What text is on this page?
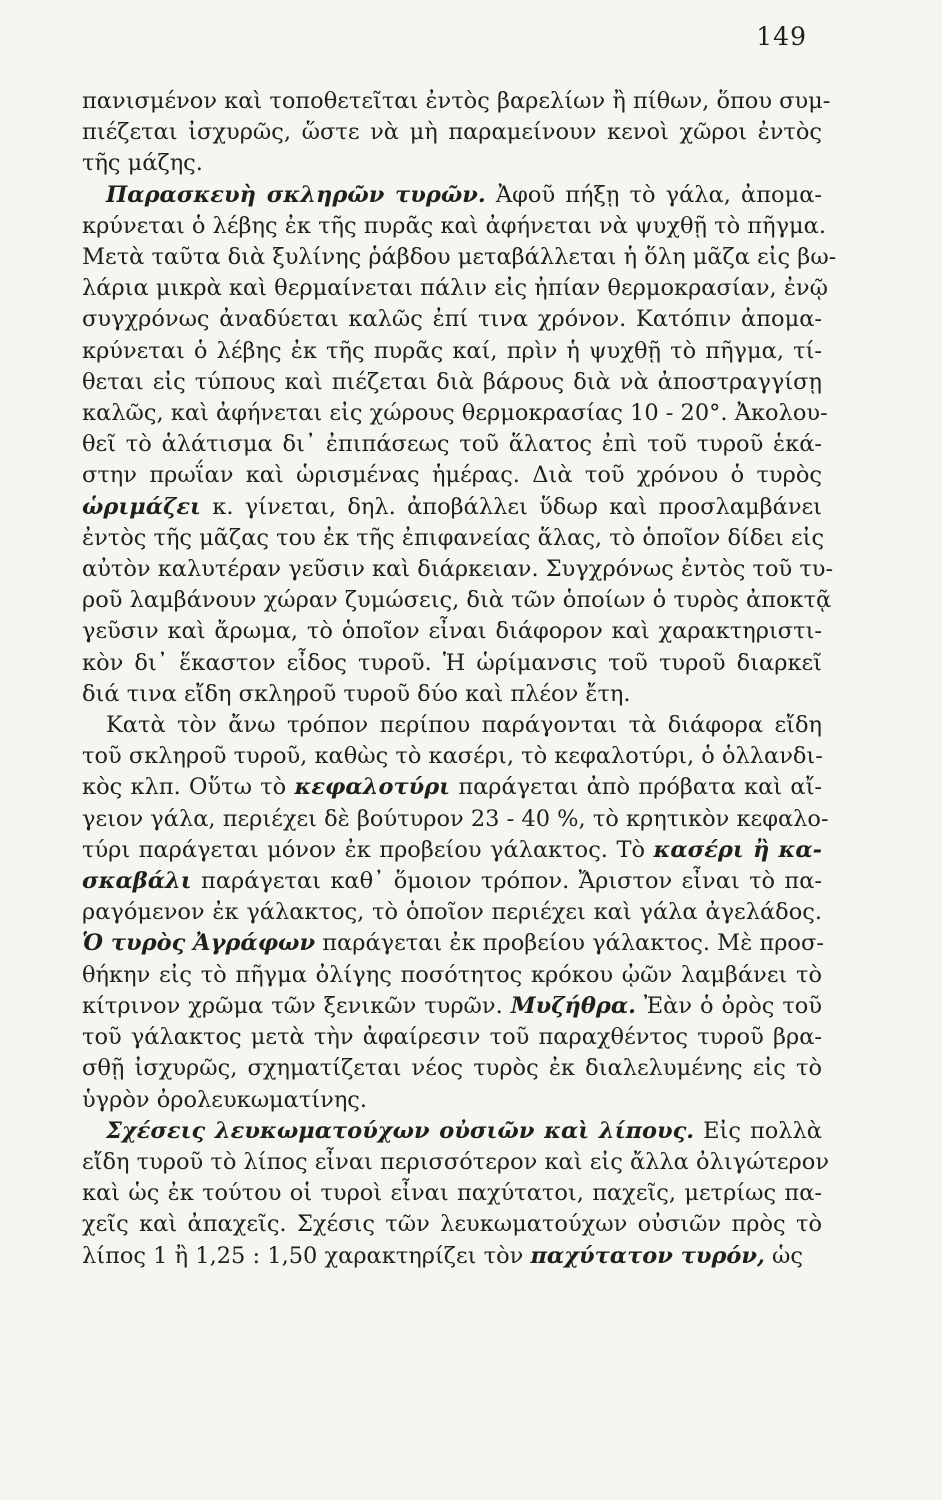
149
πανισμένον καὶ τοποθετεῖται ἐντὸς βαρελίων ἢ πίθων, ὅπου συμ-
πιέζεται ἰσχυρῶς, ὥστε νὰ μὴ παραμείνουν κενοὶ χῶροι ἐντὸς
τῆς μάζης.
Παρασκευὴ σκληρῶν τυρῶν. Ἀφοῦ πήξῃ τὸ γάλα, ἀπομα-
κρύνεται ὁ λέβης ἐκ τῆς πυρᾶς καὶ ἀφήνεται νὰ ψυχθῇ τὸ πῆγμα.
Μετὰ ταῦτα διὰ ξυλίνης ῥάβδου μεταβάλλεται ἡ ὅλη μᾶζα εἰς βω-
λάρια μικρὰ καὶ θερμαίνεται πάλιν εἰς ἠπίαν θερμοκρασίαν, ἐνῷ
συγχρόνως ἀναδύεται καλῶς ἐπί τινα χρόνον. Κατόπιν ἀπομα-
κρύνεται ὁ λέβης ἐκ τῆς πυρᾶς καί, πρὶν ἡ ψυχθῇ τὸ πῆγμα, τί-
θεται εἰς τύπους καὶ πιέζεται διὰ βάρους διὰ νὰ ἀποστραγγίσῃ
καλῶς, καὶ ἀφήνεται εἰς χώρους θερμοκρασίας 10 - 20°. Ἀκολου-
θεῖ τὸ ἁλάτισμα δι᾽ ἐπιπάσεως τοῦ ἅλατος ἐπὶ τοῦ τυροῦ ἑκά-
στην πρωΐαν καὶ ὡρισμένας ἡμέρας. Διὰ τοῦ χρόνου ὁ τυρὸς
ὡριμάζει κ. γίνεται, δηλ. ἀποβάλλει ὕδωρ καὶ προσλαμβάνει
ἐντὸς τῆς μᾶζας του ἐκ τῆς ἐπιφανείας ἅλας, τὸ ὁποῖον δίδει εἰς
αὐτὸν καλυτέραν γεῦσιν καὶ διάρκειαν. Συγχρόνως ἐντὸς τοῦ τυ-
ροῦ λαμβάνουν χώραν ζυμώσεις, διὰ τῶν ὁποίων ὁ τυρὸς ἀποκτᾷ
γεῦσιν καὶ ἄρωμα, τὸ ὁποῖον εἶναι διάφορον καὶ χαρακτηριστι-
κὸν δι᾽ ἕκαστον εἶδος τυροῦ. Ἡ ὡρίμανσις τοῦ τυροῦ διαρκεῖ
διά τινα εἴδη σκληροῦ τυροῦ δύο καὶ πλέον ἔτη.
Κατὰ τὸν ἄνω τρόπον περίπου παράγονται τὰ διάφορα εἴδη
τοῦ σκληροῦ τυροῦ, καθὼς τὸ κασέρι, τὸ κεφαλοτύρι, ὁ ὁλλανδι-
κὸς κλπ. Οὕτω τὸ κεφαλοτύρι παράγεται ἀπὸ πρόβατα καὶ αἴ-
γειον γάλα, περιέχει δὲ βούτυρον 23 - 40 %, τὸ κρητικὸν κεφαλο-
τύρι παράγεται μόνον ἐκ προβείου γάλακτος. Τὸ κασέρι ἢ κα-
σκαβάλι παράγεται καθ᾽ ὅμοιον τρόπον. Ἄριστον εἶναι τὸ πα-
ραγόμενον ἐκ γάλακτος, τὸ ὁποῖον περιέχει καὶ γάλα ἀγελάδος.
Ὁ τυρὸς Ἀγράφων παράγεται ἐκ προβείου γάλακτος. Μὲ προσ-
θήκην εἰς τὸ πῆγμα ὀλίγης ποσότητος κρόκου ᾠῶν λαμβάνει τὸ
κίτρινον χρῶμα τῶν ξενικῶν τυρῶν. Μυζήθρα. Ἐὰν ὁ ὀρὸς τοῦ
τοῦ γάλακτος μετὰ τὴν ἀφαίρεσιν τοῦ παραχθέντος τυροῦ βρα-
σθῇ ἰσχυρῶς, σχηματίζεται νέος τυρὸς ἐκ διαλελυμένης εἰς τὸ
ὑγρὸν ὀρολευκωματίνης.
Σχέσεις λευκωματούχων οὐσιῶν καὶ λίπους. Εἰς πολλὰ
εἴδη τυροῦ τὸ λίπος εἶναι περισσότερον καὶ εἰς ἄλλα ὀλιγώτερον
καὶ ὡς ἐκ τούτου οἱ τυροὶ εἶναι παχύτατοι, παχεῖς, μετρίως πα-
χεῖς καὶ ἀπαχεῖς. Σχέσις τῶν λευκωματούχων οὐσιῶν πρὸς τὸ
λίπος 1 ἢ 1,25 : 1,50 χαρακτηρίζει τὸν παχύτατον τυρόν, ὡς
